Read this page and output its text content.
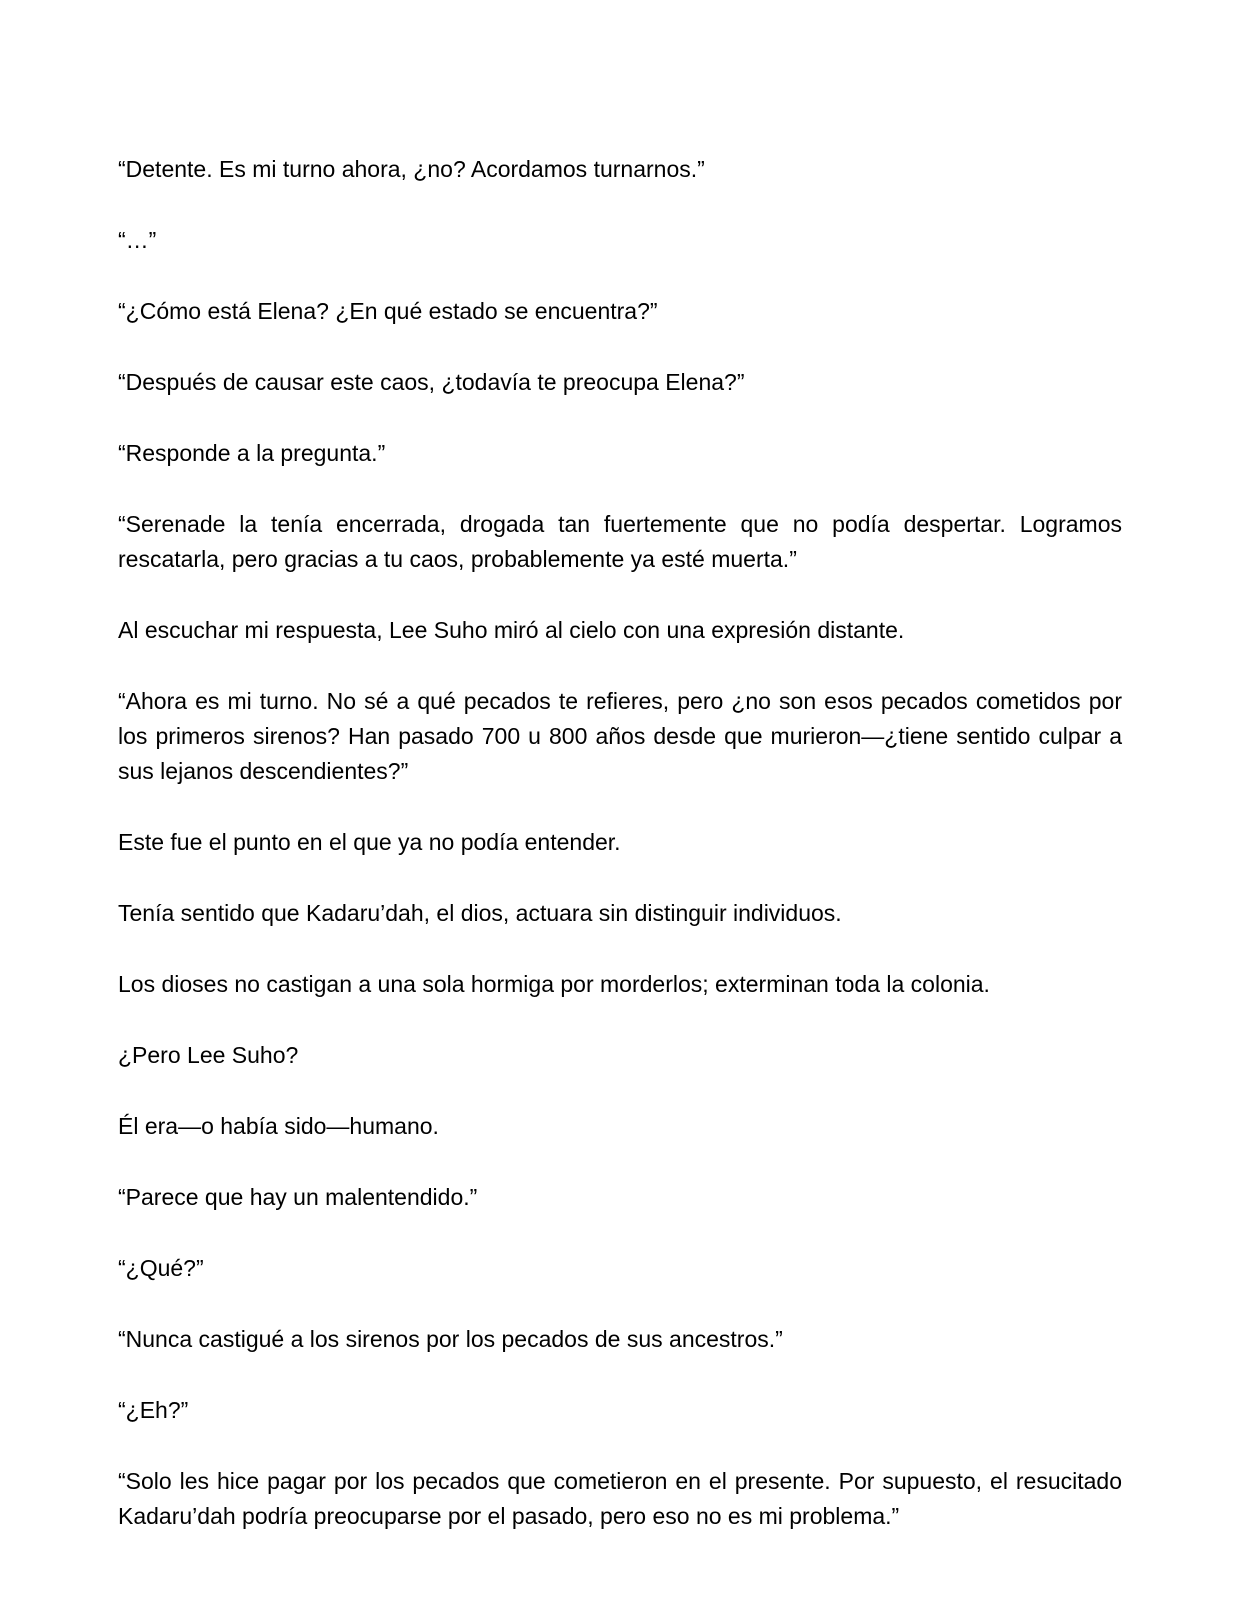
“Detente. Es mi turno ahora, ¿no? Acordamos turnarnos.”

“…”

“¿Cómo está Elena? ¿En qué estado se encuentra?”

“Después de causar este caos, ¿todavía te preocupa Elena?”

“Responde a la pregunta.”

“Serenade la tenía encerrada, drogada tan fuertemente que no podía despertar. Logramos rescatarla, pero gracias a tu caos, probablemente ya esté muerta.”

Al escuchar mi respuesta, Lee Suho miró al cielo con una expresión distante.

“Ahora es mi turno. No sé a qué pecados te refieres, pero ¿no son esos pecados cometidos por los primeros sirenos? Han pasado 700 u 800 años desde que murieron—¿tiene sentido culpar a sus lejanos descendientes?”

Este fue el punto en el que ya no podía entender.

Tenía sentido que Kadaru’dah, el dios, actuara sin distinguir individuos.

Los dioses no castigan a una sola hormiga por morderlos; exterminan toda la colonia.

¿Pero Lee Suho?

Él era—o había sido—humano.

“Parece que hay un malentendido.”

“¿Qué?”

“Nunca castigué a los sirenos por los pecados de sus ancestros.”

“¿Eh?”

“Solo les hice pagar por los pecados que cometieron en el presente. Por supuesto, el resucitado Kadaru’dah podría preocuparse por el pasado, pero eso no es mi problema.”
